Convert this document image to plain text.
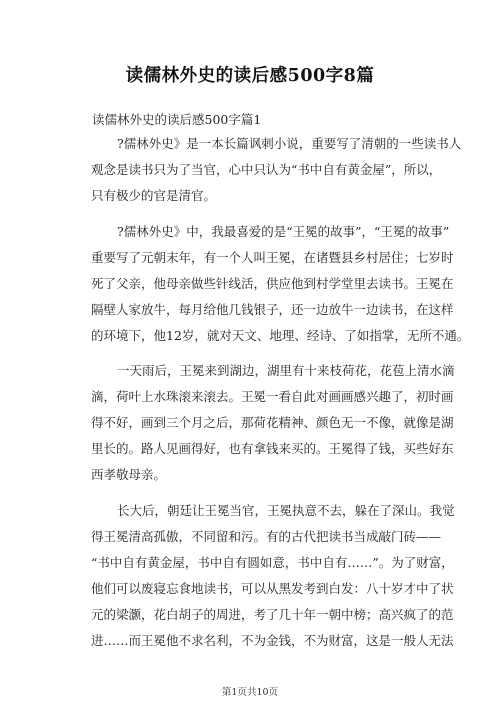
读儒林外史的读后感500字8篇
读儒林外史的读后感500字篇1
?儒林外史》是一本长篇讽刺小说，重要写了清朝的一些读书人
观念是读书只为了当官，心中只认为“书中自有黄金屋”，所以，
只有极少的官是清官。
?儒林外史》中，我最喜爱的是“王冕的故事”，“王冕的故事”
重要写了元朝末年，有一个人叫王冕，在诸暨县乡村居住；七岁时
死了父亲，他母亲做些针线活，供应他到村学堂里去读书。王冕在
隔壁人家放牛，每月给他几钱银子，还一边放牛一边读书，在这样
的环境下，他12岁，就对天文、地理、经诗、了如指掌，无所不通。
一天雨后，王冕来到湖边，湖里有十来枝荷花，花苞上清水滴
滴，荷叶上水珠滚来滚去。王冕一看自此对画画感兴趣了，初时画
得不好，画到三个月之后，那荷花精神、颜色无一不像，就像是湖
里长的。路人见画得好，也有拿钱来买的。王冕得了钱，买些好东
西孝敬母亲。
长大后，朝廷让王冕当官，王冕执意不去，躲在了深山。我觉
得王冕清高孤傲，不同留和污。有的古代把读书当成敲门砖——
“书中自有黄金屋，书中自有圆如意，书中自有……”。为了财富，
他们可以废寝忘食地读书，可以从黑发考到白发：八十岁才中了状
元的梁灏，花白胡子的周进，考了几十年一朝中榜；高兴疯了的范
进……而王冕他不求名利，不为金钱，不为财富，这是一般人无法
第1页共10页
